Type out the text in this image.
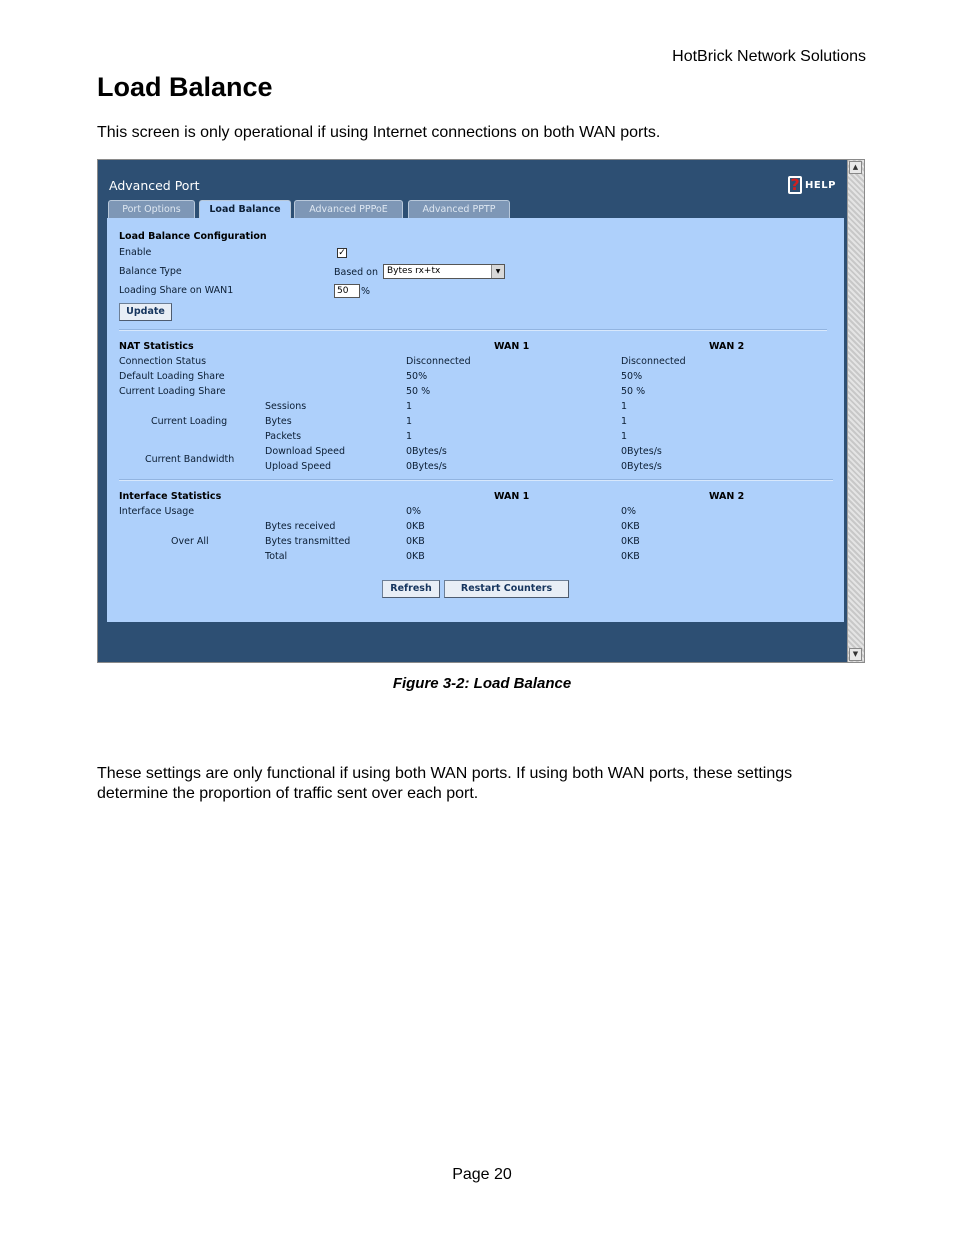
HotBrick Network Solutions
Load Balance
This screen is only operational if using Internet connections on both WAN ports.
▲
▼
Advanced Port	? HELP
Port Options	Load Balance	Advanced PPPoE	Advanced PPTP
Load Balance Configuration
Enable	✓
Balance Type	Based on Bytes rx+tx	▼
Loading Share on WAN1	50	%
Update
NAT Statistics	WAN 1	WAN 2
Connection Status	Disconnected	Disconnected
Default Loading Share	50%	50%
Current Loading Share	50 %	50 %
Current Loading
Sessions	1	1
Bytes	1	1
Packets	1	1
Current Bandwidth
Download Speed	0Bytes/s	0Bytes/s
Upload Speed	0Bytes/s	0Bytes/s
Interface Statistics	WAN 1	WAN 2
Interface Usage	0%	0%
Over All
Bytes received	0KB	0KB
Bytes transmitted	0KB	0KB
Total	0KB	0KB
Refresh	Restart Counters
Figure 3-2: Load Balance
These settings are only functional if using both WAN ports. If using both WAN ports, these settings determine the proportion of traffic sent over each port.
Page 20
